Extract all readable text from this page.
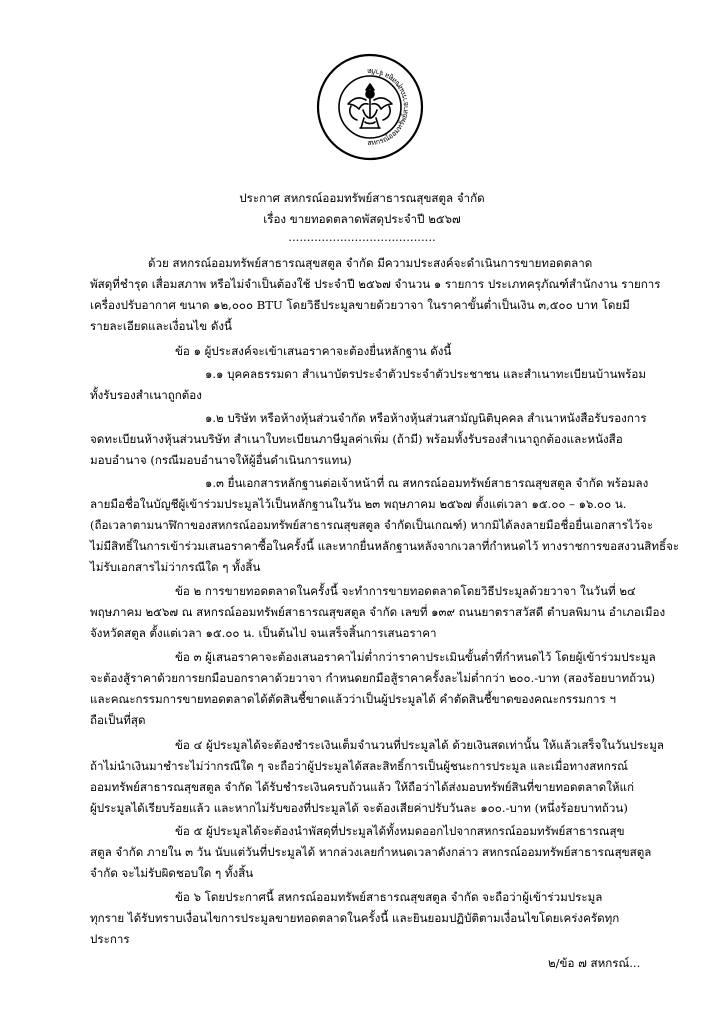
สหกรณ์ออมทรัพย์สาธารณสุขสตูล จำกัด
ประกาศ สหกรณ์ออมทรัพย์สาธารณสุขสตูล จำกัด
เรื่อง ขายทอดตลาดพัสดุประจำปี ๒๕๖๗
........................................
ด้วย สหกรณ์ออมทรัพย์สาธารณสุขสตูล จำกัด มีความประสงค์จะดำเนินการขายทอดตลาด
พัสดุที่ชำรุด เสื่อมสภาพ หรือไม่จำเป็นต้องใช้ ประจำปี ๒๕๖๗ จำนวน ๑ รายการ ประเภทครุภัณฑ์สำนักงาน รายการ
เครื่องปรับอากาศ ขนาด ๑๒,๐๐๐ BTU โดยวิธีประมูลขายด้วยวาจา ในราคาขั้นต่ำเป็นเงิน ๓,๕๐๐ บาท โดยมี
รายละเอียดและเงื่อนไข ดังนี้
ข้อ ๑ ผู้ประสงค์จะเข้าเสนอราคาจะต้องยื่นหลักฐาน ดังนี้
๑.๑ บุคคลธรรมดา สำเนาบัตรประจำตัวประจำตัวประชาชน และสำเนาทะเบียนบ้านพร้อม
ทั้งรับรองสำเนาถูกต้อง
๑.๒ บริษัท หรือห้างหุ้นส่วนจำกัด หรือห้างหุ้นส่วนสามัญนิติบุคคล สำเนาหนังสือรับรองการ
จดทะเบียนห้างหุ้นส่วนบริษัท สำเนาใบทะเบียนภาษีมูลค่าเพิ่ม (ถ้ามี) พร้อมทั้งรับรองสำเนาถูกต้องและหนังสือ
มอบอำนาจ (กรณีมอบอำนาจให้ผู้อื่นดำเนินการแทน)
๑.๓ ยื่นเอกสารหลักฐานต่อเจ้าหน้าที่ ณ สหกรณ์ออมทรัพย์สาธารณสุขสตูล จำกัด พร้อมลง
ลายมือชื่อในบัญชีผู้เข้าร่วมประมูลไว้เป็นหลักฐานในวัน ๒๓ พฤษภาคม ๒๕๖๗ ตั้งแต่เวลา ๑๕.๐๐ – ๑๖.๐๐ น.
(ถือเวลาตามนาฬิกาของสหกรณ์ออมทรัพย์สาธารณสุขสตูล จำกัดเป็นเกณฑ์) หากมิได้ลงลายมือชื่อยื่นเอกสารไว้จะ
ไม่มีสิทธิ์ในการเข้าร่วมเสนอราคาซื้อในครั้งนี้ และหากยื่นหลักฐานหลังจากเวลาที่กำหนดไว้ ทางราชการขอสงวนสิทธิ์จะ
ไม่รับเอกสารไม่ว่ากรณีใด ๆ ทั้งสิ้น
ข้อ ๒ การขายทอดตลาดในครั้งนี้ จะทำการขายทอดตลาดโดยวิธีประมูลด้วยวาจา ในวันที่ ๒๔
พฤษภาคม ๒๕๖๗ ณ สหกรณ์ออมทรัพย์สาธารณสุขสตูล จำกัด เลขที่ ๑๓๙ ถนนยาตราสวัสดี ตำบลพิมาน อำเภอเมือง
จังหวัดสตูล ตั้งแต่เวลา ๑๕.๐๐ น. เป็นต้นไป จนเสร็จสิ้นการเสนอราคา
ข้อ ๓ ผู้เสนอราคาจะต้องเสนอราคาไม่ต่ำกว่าราคาประเมินขั้นต่ำที่กำหนดไว้ โดยผู้เข้าร่วมประมูล
จะต้องสู้ราคาด้วยการยกมือบอกราคาด้วยวาจา กำหนดยกมือสู้ราคาครั้งละไม่ต่ำกว่า ๒๐๐.-บาท (สองร้อยบาทถ้วน)
และคณะกรรมการขายทอดตลาดได้ตัดสินชี้ขาดแล้วว่าเป็นผู้ประมูลได้ คำตัดสินชี้ขาดของคณะกรรมการ ฯ
ถือเป็นที่สุด
ข้อ ๔ ผู้ประมูลได้จะต้องชำระเงินเต็มจำนวนที่ประมูลได้ ด้วยเงินสดเท่านั้น ให้แล้วเสร็จในวันประมูล
ถ้าไม่นำเงินมาชำระไม่ว่ากรณีใด ๆ จะถือว่าผู้ประมูลได้สละสิทธิ์การเป็นผู้ชนะการประมูล และเมื่อทางสหกรณ์
ออมทรัพย์สาธารณสุขสตูล จำกัด ได้รับชำระเงินครบถ้วนแล้ว ให้ถือว่าได้ส่งมอบทรัพย์สินที่ขายทอดตลาดให้แก่
ผู้ประมูลได้เรียบร้อยแล้ว และหากไม่รับของที่ประมูลได้ จะต้องเสียค่าปรับวันละ ๑๐๐.-บาท (หนึ่งร้อยบาทถ้วน)
ข้อ ๕ ผู้ประมูลได้จะต้องนำพัสดุที่ประมูลได้ทั้งหมดออกไปจากสหกรณ์ออมทรัพย์สาธารณสุข
สตูล จำกัด ภายใน ๓ วัน นับแต่วันที่ประมูลได้ หากล่วงเลยกำหนดเวลาดังกล่าว สหกรณ์ออมทรัพย์สาธารณสุขสตูล
จำกัด จะไม่รับผิดชอบใด ๆ ทั้งสิ้น
ข้อ ๖ โดยประกาศนี้ สหกรณ์ออมทรัพย์สาธารณสุขสตูล จำกัด จะถือว่าผู้เข้าร่วมประมูล
ทุกราย ได้รับทราบเงื่อนไขการประมูลขายทอดตลาดในครั้งนี้ และยินยอมปฏิบัติตามเงื่อนไขโดยเคร่งครัดทุก
ประการ
๒/ข้อ ๗ สหกรณ์...
